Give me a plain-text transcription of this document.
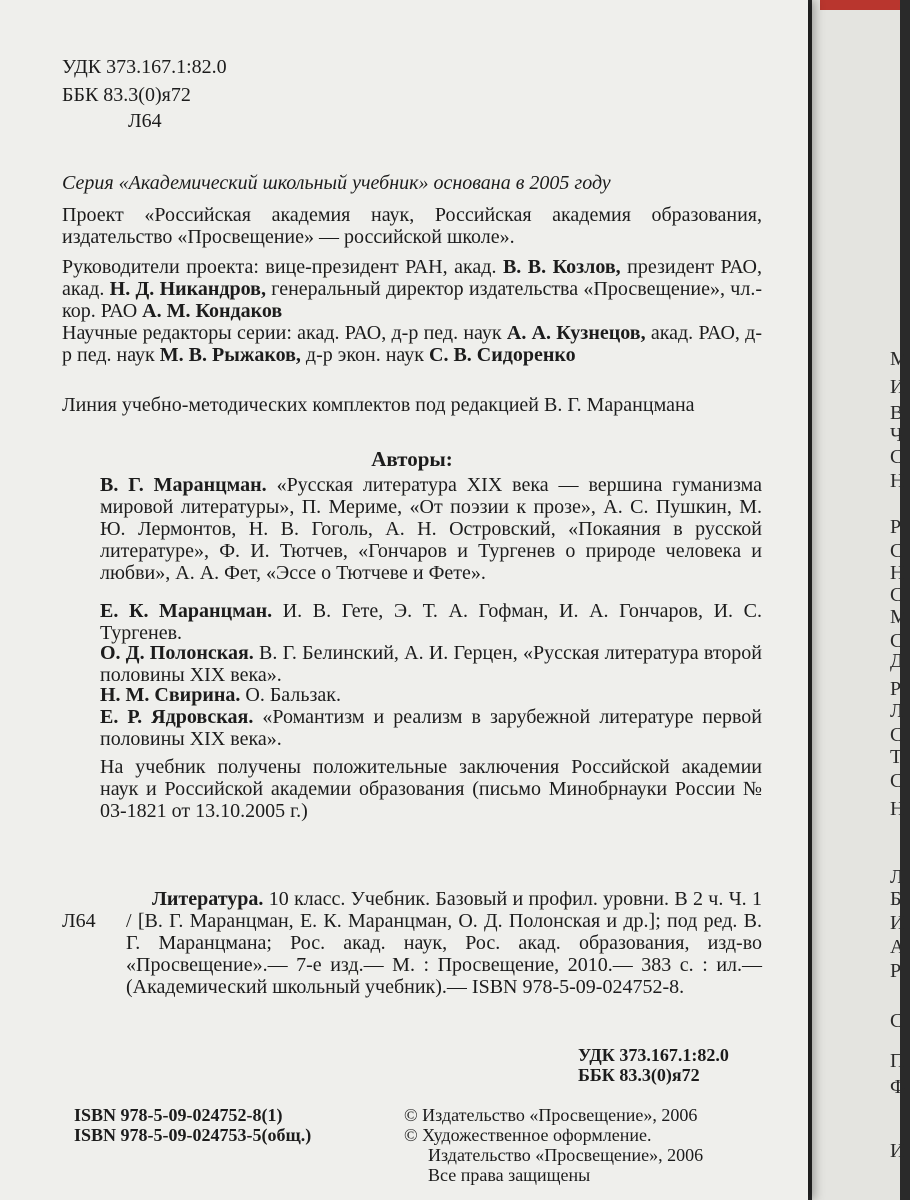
М
И
В
Ч
С
Н
Р
С
Н
С
М
С
Д
Р
Л
С
Т
С
Н
Л
Б
И
А
Р
С
П
Ф
И
УДК 373.167.1:82.0
ББК 83.3(0)я72
Л64
Серия «Академический школьный учебник» основана в 2005 году
Проект «Российская академия наук, Российская академия образования, издательство «Просвещение» — российской школе».
Руководители проекта: вице-президент РАН, акад. В. В. Козлов, президент РАО, акад. Н. Д. Никандров, генеральный директор издательства «Просвещение», чл.-кор. РАО А. М. Кондаков
Научные редакторы серии: акад. РАО, д-р пед. наук А. А. Кузнецов, акад. РАО, д-р пед. наук М. В. Рыжаков, д-р экон. наук С. В. Сидоренко
Линия учебно-методических комплектов под редакцией В. Г. Маранцмана
Авторы:
В. Г. Маранцман. «Русская литература XIX века — вершина гуманизма мировой литературы», П. Мериме, «От поэзии к прозе», А. С. Пушкин, М. Ю. Лермонтов, Н. В. Гоголь, А. Н. Островский, «Покаяния в русской литературе», Ф. И. Тютчев, «Гончаров и Тургенев о природе человека и любви», А. А. Фет, «Эссе о Тютчеве и Фете».
Е. К. Маранцман. И. В. Гете, Э. Т. А. Гофман, И. А. Гончаров, И. С. Тургенев.
О. Д. Полонская. В. Г. Белинский, А. И. Герцен, «Русская литература второй половины XIX века».
Н. М. Свирина. О. Бальзак.
Е. Р. Ядровская. «Романтизм и реализм в зарубежной литературе первой половины XIX века».
На учебник получены положительные заключения Российской академии наук и Российской академии образования (письмо Минобрнауки России № 03-1821 от 13.10.2005 г.)
Л64
Литература. 10 класс. Учебник. Базовый и профил. уровни. В 2 ч. Ч. 1 / [В. Г. Маранцман, Е. К. Маранцман, О. Д. Полонская и др.]; под ред. В. Г. Маранцмана; Рос. акад. наук, Рос. акад. образования, изд-во «Просвещение».— 7-е изд.— М. : Просвещение, 2010.— 383 с. : ил.— (Академический школьный учебник).— ISBN 978-5-09-024752-8.
УДК 373.167.1:82.0
ББК 83.3(0)я72
ISBN 978-5-09-024752-8(1)
ISBN 978-5-09-024753-5(общ.)
© Издательство «Просвещение», 2006
© Художественное оформление.
Издательство «Просвещение», 2006
Все права защищены
